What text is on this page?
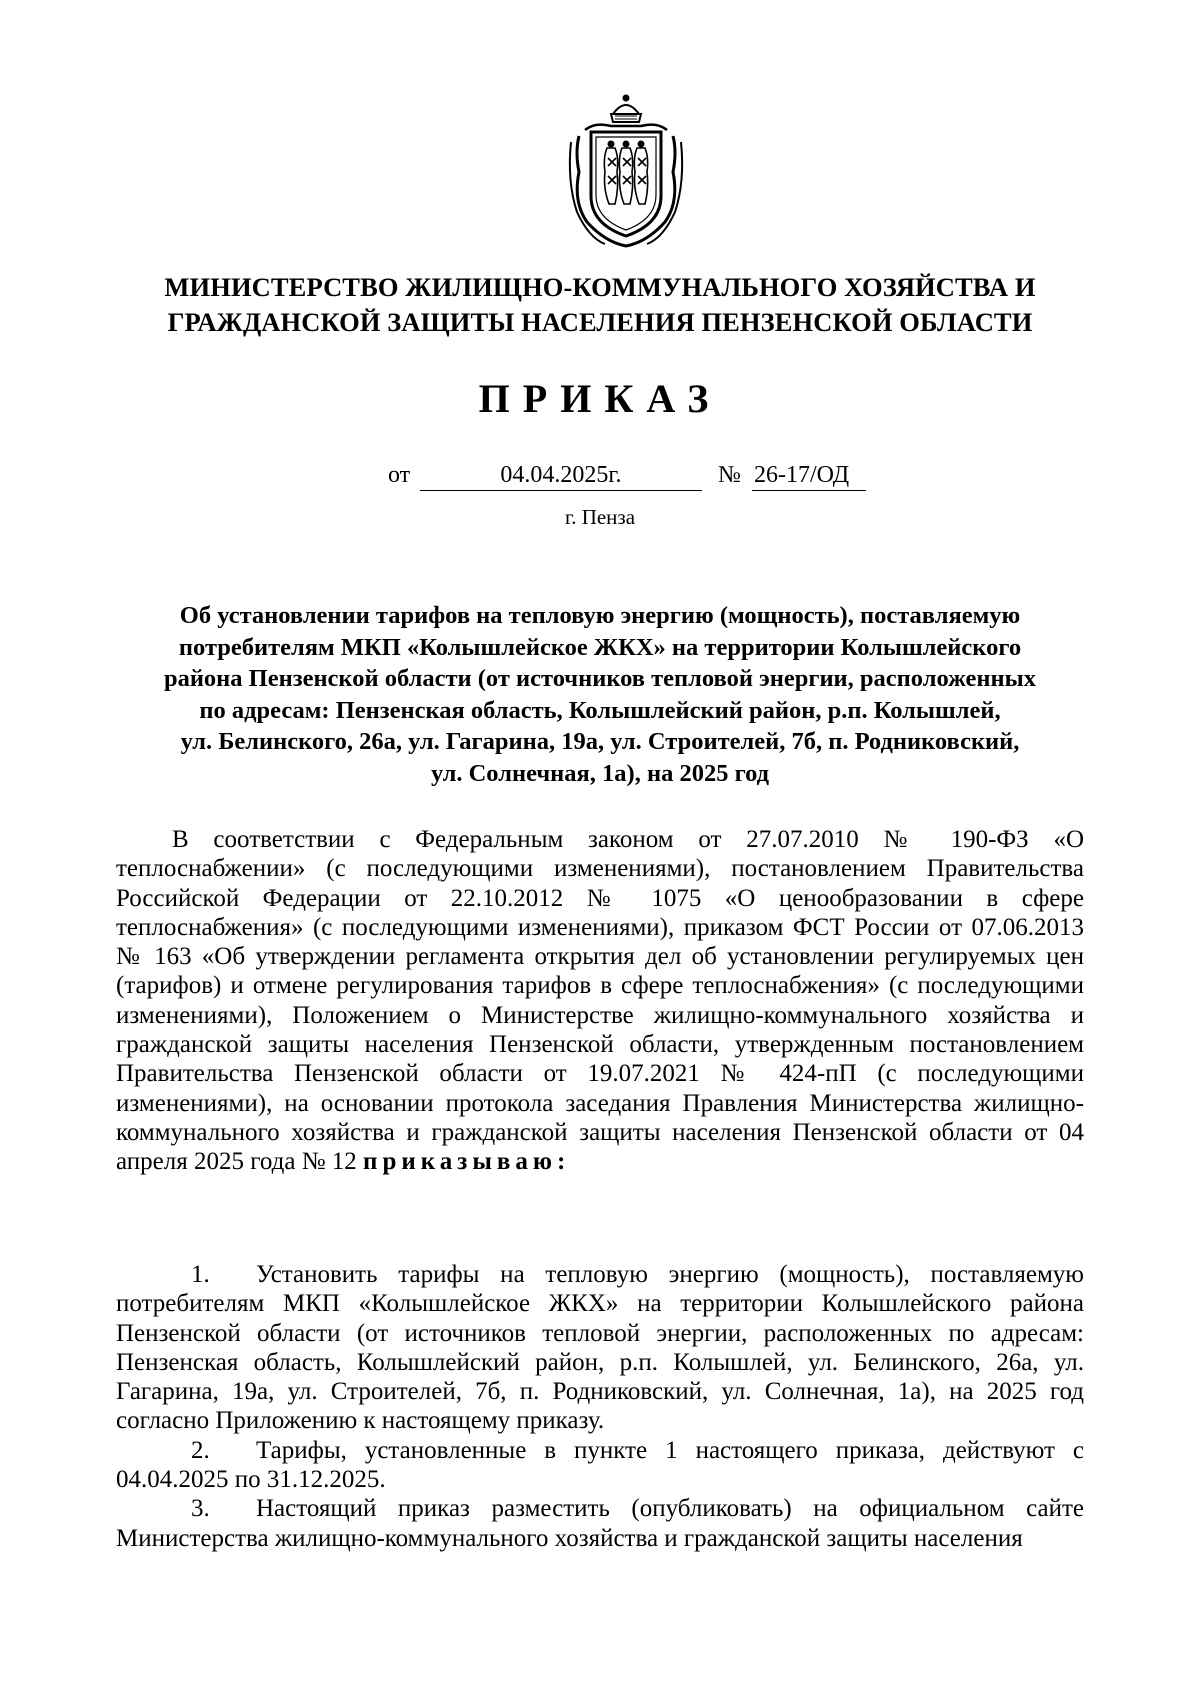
МИНИСТЕРСТВО ЖИЛИЩНО-КОММУНАЛЬНОГО ХОЗЯЙСТВА И
ГРАЖДАНСКОЙ ЗАЩИТЫ НАСЕЛЕНИЯ ПЕНЗЕНСКОЙ ОБЛАСТИ
ПРИКАЗ
от	04.04.2025г.	№ 26-17/ОД
г. Пенза
Об установлении тарифов на тепловую энергию (мощность), поставляемую
потребителям МКП «Колышлейское ЖКХ» на территории Колышлейского
района Пензенской области (от источников тепловой энергии, расположенных
по адресам: Пензенская область, Колышлейский район, р.п. Колышлей,
ул. Белинского, 26а, ул. Гагарина, 19а, ул. Строителей, 7б, п. Родниковский,
ул. Солнечная, 1а), на 2025 год
В соответствии с Федеральным законом от 27.07.2010 № 190-ФЗ «О теплоснабжении» (с последующими изменениями), постановлением Правительства Российской Федерации от 22.10.2012 № 1075 «О ценообразовании в сфере теплоснабжения» (с последующими изменениями), приказом ФСТ России от 07.06.2013 № 163 «Об утверждении регламента открытия дел об установлении регулируемых цен (тарифов) и отмене регулирования тарифов в сфере теплоснабжения» (с последующими изменениями), Положением о Министерстве жилищно-коммунального хозяйства и гражданской защиты населения Пензенской области, утвержденным постановлением Правительства Пензенской области от 19.07.2021 № 424-пП (с последующими изменениями), на основании протокола заседания Правления Министерства жилищно-коммунального хозяйства и гражданской защиты населения Пензенской области от 04 апреля 2025 года № 12 приказываю:
1. Установить тарифы на тепловую энергию (мощность), поставляемую потребителям МКП «Колышлейское ЖКХ» на территории Колышлейского района Пензенской области (от источников тепловой энергии, расположенных по адресам: Пензенская область, Колышлейский район, р.п. Колышлей, ул. Белинского, 26а, ул. Гагарина, 19а, ул. Строителей, 7б, п. Родниковский, ул. Солнечная, 1а), на 2025 год согласно Приложению к настоящему приказу.
2. Тарифы, установленные в пункте 1 настоящего приказа, действуют с 04.04.2025 по 31.12.2025.
3. Настоящий приказ разместить (опубликовать) на официальном сайте Министерства жилищно-коммунального хозяйства и гражданской защиты населения
